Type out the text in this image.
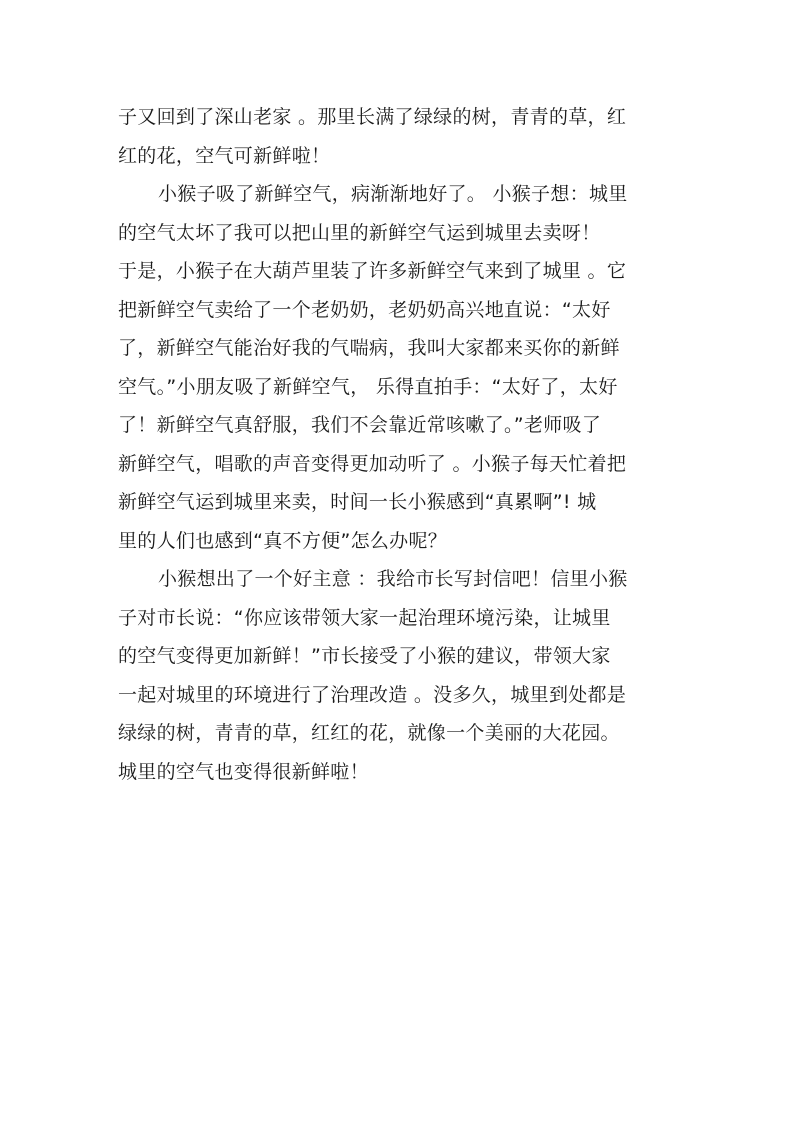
子又回到了深山老家 。那里长满了绿绿的树，青青的草，红
红的花，空气可新鲜啦！
小猴子吸了新鲜空气，病渐渐地好了。 小猴子想：城里
的空气太坏了我可以把山里的新鲜空气运到城里去卖呀！
于是，小猴子在大葫芦里装了许多新鲜空气来到了城里 。它
把新鲜空气卖给了一个老奶奶，老奶奶高兴地直说：“太好
了，新鲜空气能治好我的气喘病，我叫大家都来买你的新鲜
空气。”小朋友吸了新鲜空气， 乐得直拍手：“太好了，太好
了！新鲜空气真舒服，我们不会靠近常咳嗽了。”老师吸了
新鲜空气，唱歌的声音变得更加动听了 。小猴子每天忙着把
新鲜空气运到城里来卖，时间一长小猴感到“真累啊”! 城
里的人们也感到“真不方便”怎么办呢？
小猴想出了一个好主意 ：我给市长写封信吧！信里小猴
子对市长说：“你应该带领大家一起治理环境污染，让城里
的空气变得更加新鲜！”市长接受了小猴的建议，带领大家
一起对城里的环境进行了治理改造 。没多久，城里到处都是
绿绿的树，青青的草，红红的花，就像一个美丽的大花园。
城里的空气也变得很新鲜啦！
